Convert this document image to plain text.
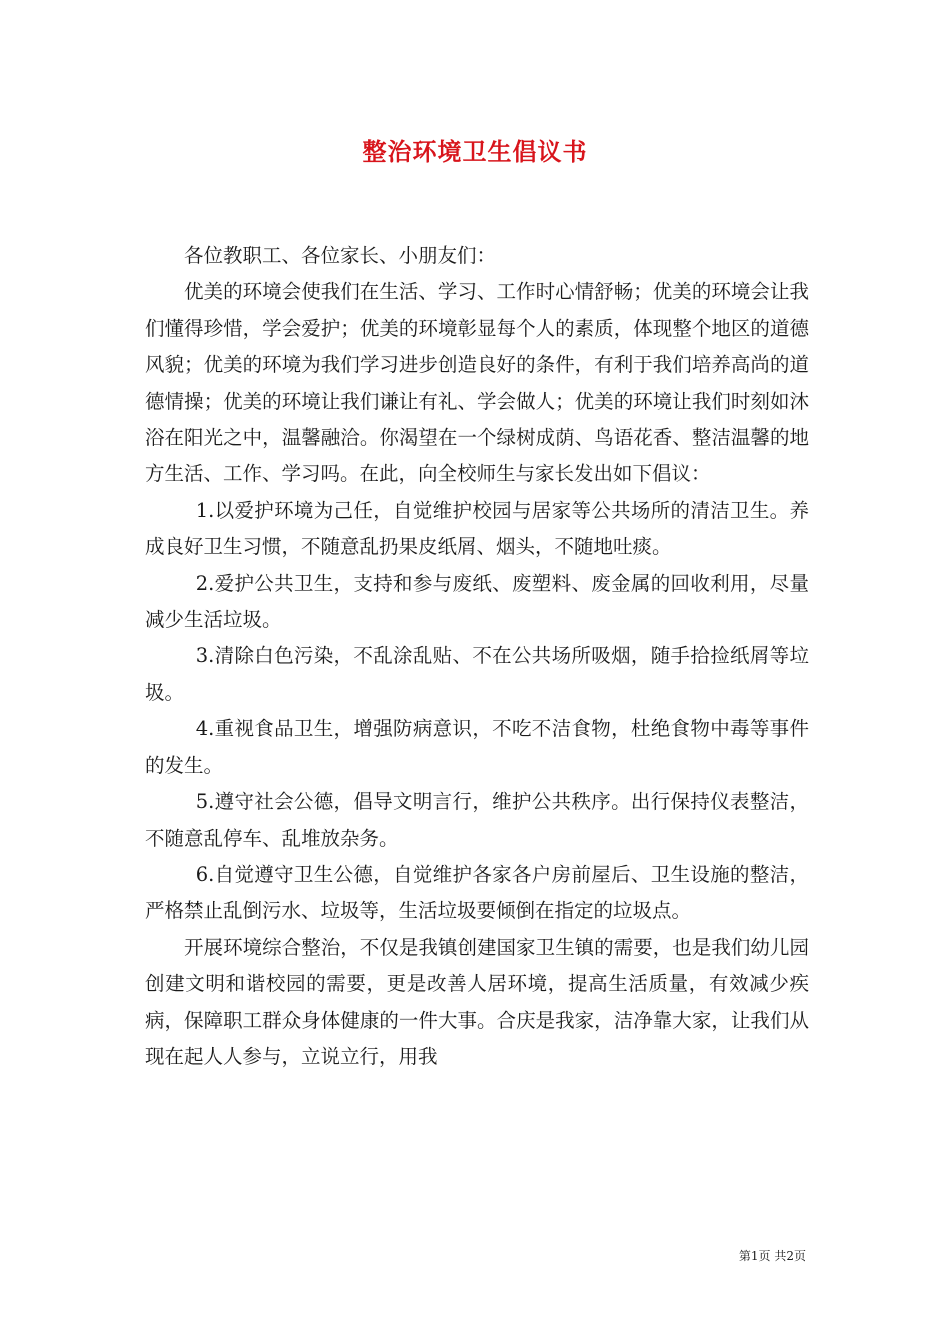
整治环境卫生倡议书

各位教职工、各位家长、小朋友们：

优美的环境会使我们在生活、学习、工作时心情舒畅；优美的环境会让我们懂得珍惜，学会爱护；优美的环境彰显每个人的素质，体现整个地区的道德风貌；优美的环境为我们学习进步创造良好的条件，有利于我们培养高尚的道德情操；优美的环境让我们谦让有礼、学会做人；优美的环境让我们时刻如沐浴在阳光之中，温馨融洽。你渴望在一个绿树成荫、鸟语花香、整洁温馨的地方生活、工作、学习吗。在此，向全校师生与家长发出如下倡议：

1.以爱护环境为己任，自觉维护校园与居家等公共场所的清洁卫生。养成良好卫生习惯，不随意乱扔果皮纸屑、烟头，不随地吐痰。

2.爱护公共卫生，支持和参与废纸、废塑料、废金属的回收利用，尽量减少生活垃圾。

3.清除白色污染，不乱涂乱贴、不在公共场所吸烟，随手拾捡纸屑等垃圾。

4.重视食品卫生，增强防病意识，不吃不洁食物，杜绝食物中毒等事件的发生。

5.遵守社会公德，倡导文明言行，维护公共秩序。出行保持仪表整洁，不随意乱停车、乱堆放杂务。

6.自觉遵守卫生公德，自觉维护各家各户房前屋后、卫生设施的整洁，严格禁止乱倒污水、垃圾等，生活垃圾要倾倒在指定的垃圾点。

开展环境综合整治，不仅是我镇创建国家卫生镇的需要，也是我们幼儿园创建文明和谐校园的需要，更是改善人居环境，提高生活质量，有效减少疾病，保障职工群众身体健康的一件大事。合庆是我家，洁净靠大家，让我们从现在起人人参与，立说立行，用我

第1页 共2页
